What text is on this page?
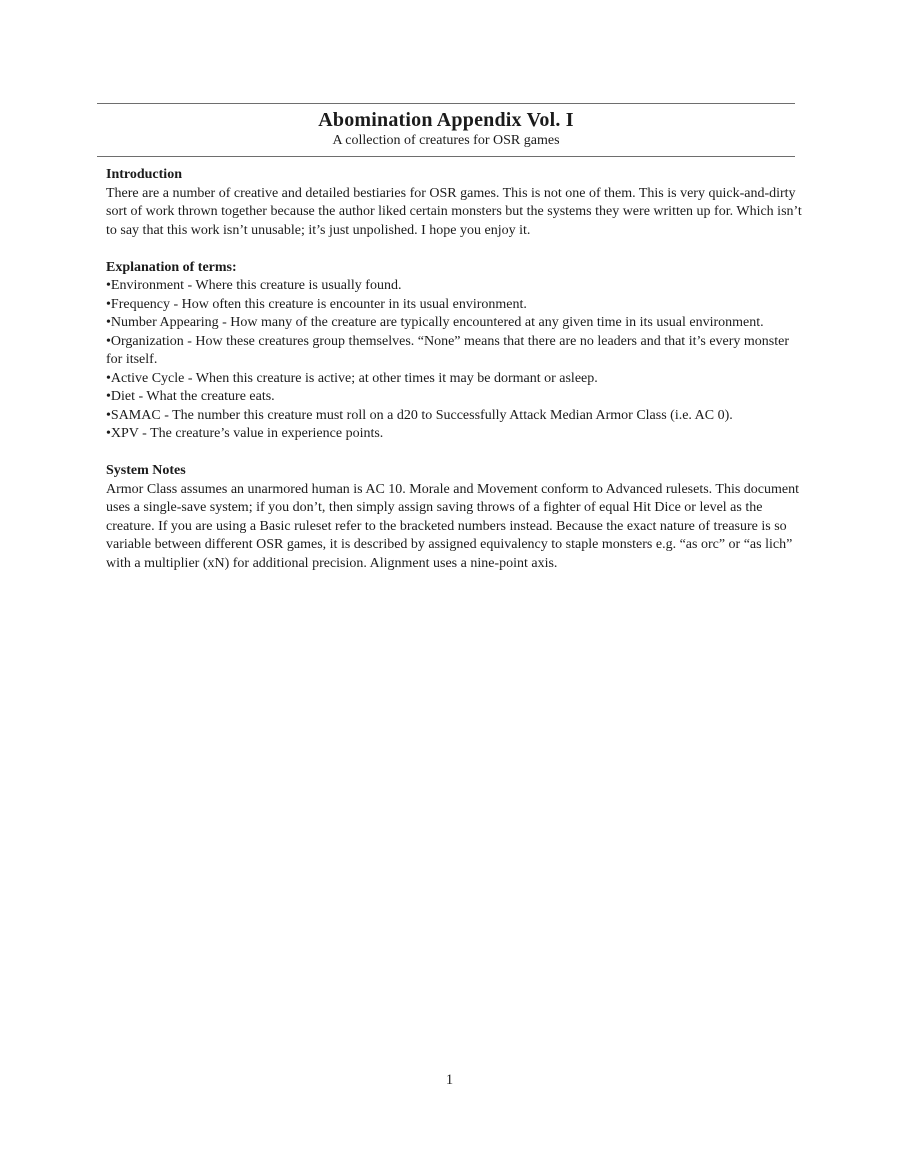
Abomination Appendix Vol. I
A collection of creatures for OSR games
Introduction

There are a number of creative and detailed bestiaries for OSR games. This is not one of them. This is very quick-and-dirty sort of work thrown together because the author liked certain monsters but the systems they were written up for. Which isn’t to say that this work isn’t unusable; it’s just unpolished. I hope you enjoy it.

Explanation of terms:
•Environment - Where this creature is usually found.
•Frequency - How often this creature is encounter in its usual environment.
•Number Appearing - How many of the creature are typically encountered at any given time in its usual environment.
•Organization - How these creatures group themselves. “None” means that there are no leaders and that it’s every monster for itself.
•Active Cycle - When this creature is active; at other times it may be dormant or asleep.
•Diet - What the creature eats.
•SAMAC - The number this creature must roll on a d20 to Successfully Attack Median Armor Class (i.e. AC 0).
•XPV - The creature’s value in experience points.
System Notes

Armor Class assumes an unarmored human is AC 10. Morale and Movement conform to Advanced rulesets. This document uses a single-save system; if you don’t, then simply assign saving throws of a fighter of equal Hit Dice or level as the creature. If you are using a Basic ruleset refer to the bracketed numbers instead. Because the exact nature of treasure is so variable between different OSR games, it is described by assigned equivalency to staple monsters e.g. “as orc” or “as lich” with a multiplier (xN) for additional precision. Alignment uses a nine-point axis.

1
